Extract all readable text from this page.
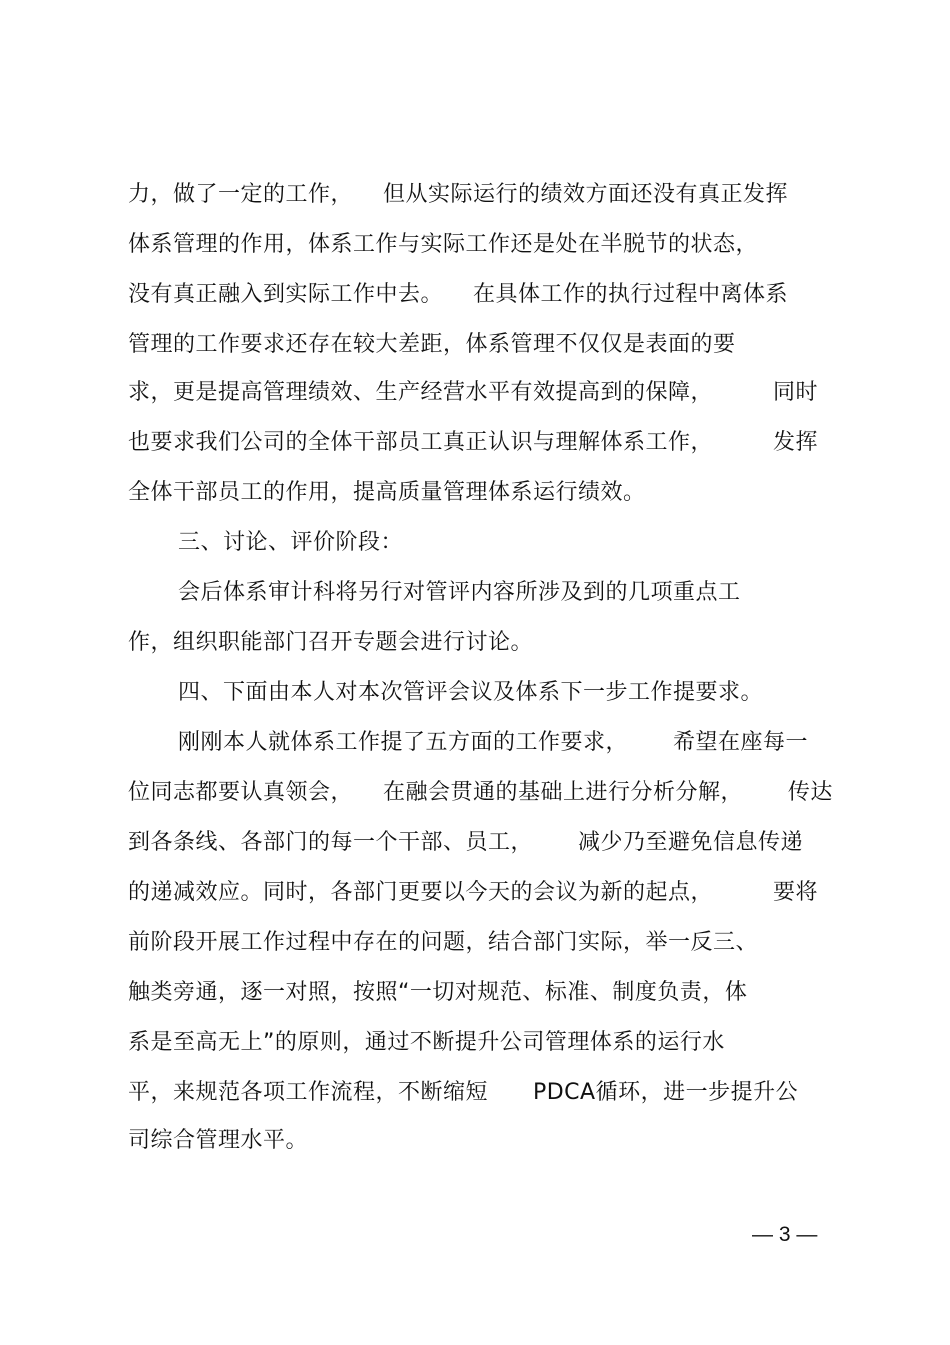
力，做了一定的工作，    但从实际运行的绩效方面还没有真正发挥
体系管理的作用，体系工作与实际工作还是处在半脱节的状态，
没有真正融入到实际工作中去。    在具体工作的执行过程中离体系
管理的工作要求还存在较大差距，体系管理不仅仅是表面的要
求，更是提高管理绩效、生产经营水平有效提高到的保障，        同时
也要求我们公司的全体干部员工真正认识与理解体系工作，        发挥
全体干部员工的作用，提高质量管理体系运行绩效。
三、讨论、评价阶段：
会后体系审计科将另行对管评内容所涉及到的几项重点工
作，组织职能部门召开专题会进行讨论。
四、下面由本人对本次管评会议及体系下一步工作提要求。
刚刚本人就体系工作提了五方面的工作要求，      希望在座每一
位同志都要认真领会，    在融会贯通的基础上进行分析分解，      传达
到各条线、各部门的每一个干部、员工，      减少乃至避免信息传递
的递减效应。同时，各部门更要以今天的会议为新的起点，        要将
前阶段开展工作过程中存在的问题，结合部门实际，举一反三、
触类旁通，逐一对照，按照“一切对规范、标准、制度负责，体
系是至高无上”的原则，通过不断提升公司管理体系的运行水
平，来规范各项工作流程，不断缩短      PDCA循环，进一步提升公
司综合管理水平。
— 3 —
